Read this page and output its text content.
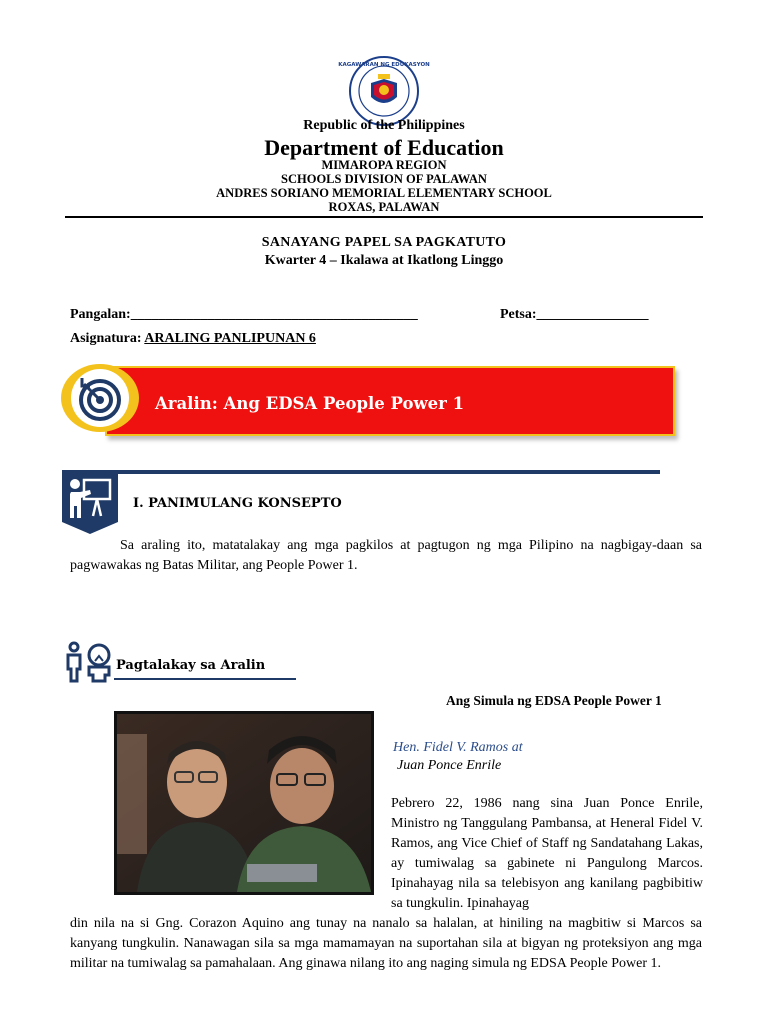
KAGAWARAN NG EDUKASYON
Republic of the Philippines
Department of Education
MIMAROPA REGION
SCHOOLS DIVISION OF PALAWAN
ANDRES SORIANO MEMORIAL ELEMENTARY SCHOOL
ROXAS, PALAWAN
SANAYANG PAPEL SA PAGKATUTO
Kwarter 4 – Ikalawa at Ikatlong Linggo
Pangalan:_________________________________________	Petsa:________________
Asignatura: ARALING PANLIPUNAN 6
Aralin: Ang EDSA People Power 1
I. PANIMULANG KONSEPTO
Sa araling ito, matatalakay ang mga pagkilos at pagtugon ng mga Pilipino na nagbigay-daan sa pagwawakas ng Batas Militar, ang People Power 1.
Pagtalakay sa Aralin
Ang Simula ng EDSA People Power 1
Hen. Fidel V. Ramos at
Juan Ponce Enrile
Pebrero 22, 1986 nang sina Juan Ponce Enrile, Ministro ng Tanggulang Pambansa, at Heneral Fidel V. Ramos, ang Vice Chief of Staff ng Sandatahang Lakas, ay tumiwalag sa gabinete ni Pangulong Marcos. Ipinahayag nila sa telebisyon ang kanilang pagbibitiw sa tungkulin. Ipinahayag
din nila na si Gng. Corazon Aquino ang tunay na nanalo sa halalan, at hiniling na magbitiw si Marcos sa kanyang tungkulin. Nanawagan sila sa mga mamamayan na suportahan sila at bigyan ng proteksiyon ang mga militar na tumiwalag sa pamahalaan. Ang ginawa nilang ito ang naging simula ng EDSA People Power 1.
